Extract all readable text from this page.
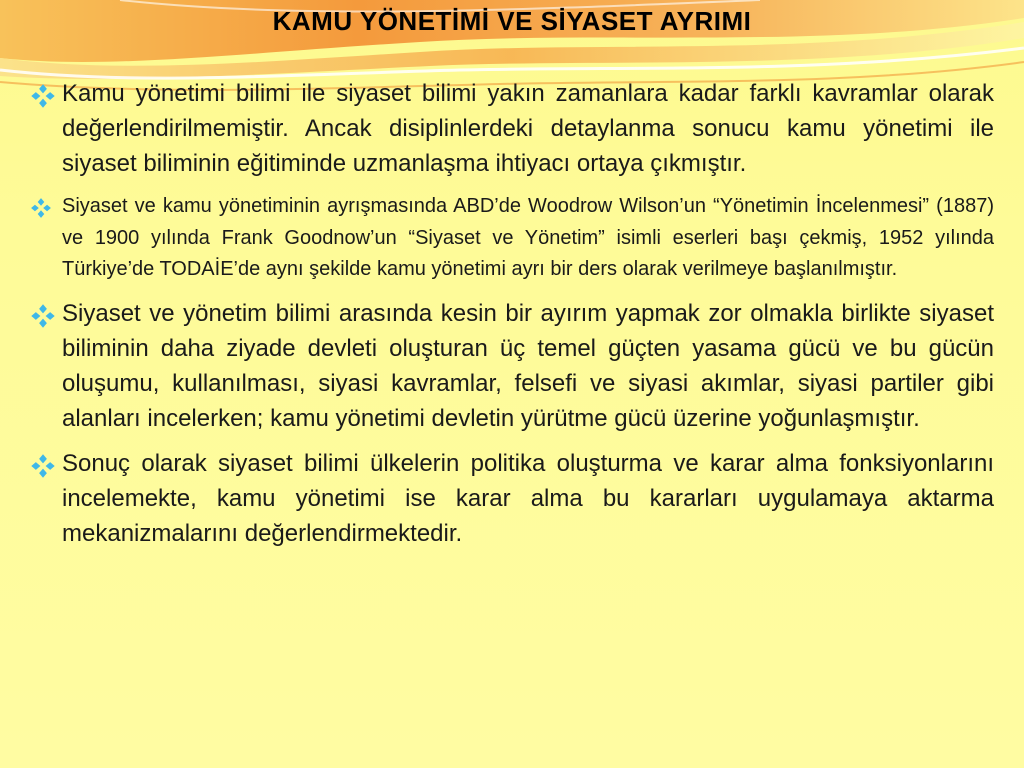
KAMU YÖNETİMİ VE SİYASET AYRIMI
Kamu yönetimi bilimi ile siyaset bilimi yakın zamanlara kadar farklı kavramlar olarak değerlendirilmemiştir. Ancak disiplinlerdeki detaylanma sonucu kamu yönetimi ile siyaset biliminin eğitiminde uzmanlaşma ihtiyacı ortaya çıkmıştır.
Siyaset ve kamu yönetiminin ayrışmasında ABD’de Woodrow Wilson’un “Yönetimin İncelenmesi” (1887) ve 1900 yılında Frank Goodnow’un “Siyaset ve Yönetim” isimli eserleri başı çekmiş, 1952 yılında Türkiye’de TODAİE’de aynı şekilde kamu yönetimi ayrı bir ders olarak verilmeye başlanılmıştır.
Siyaset ve yönetim bilimi arasında kesin bir ayırım yapmak zor olmakla birlikte siyaset biliminin daha ziyade devleti oluşturan üç temel güçten yasama gücü ve bu gücün oluşumu, kullanılması, siyasi kavramlar, felsefi ve siyasi akımlar, siyasi partiler gibi alanları incelerken; kamu yönetimi devletin yürütme gücü üzerine yoğunlaşmıştır.
Sonuç olarak siyaset bilimi ülkelerin politika oluşturma ve karar alma fonksiyonlarını incelemekte, kamu yönetimi ise karar alma bu kararları uygulamaya aktarma mekanizmalarını değerlendirmektedir.
